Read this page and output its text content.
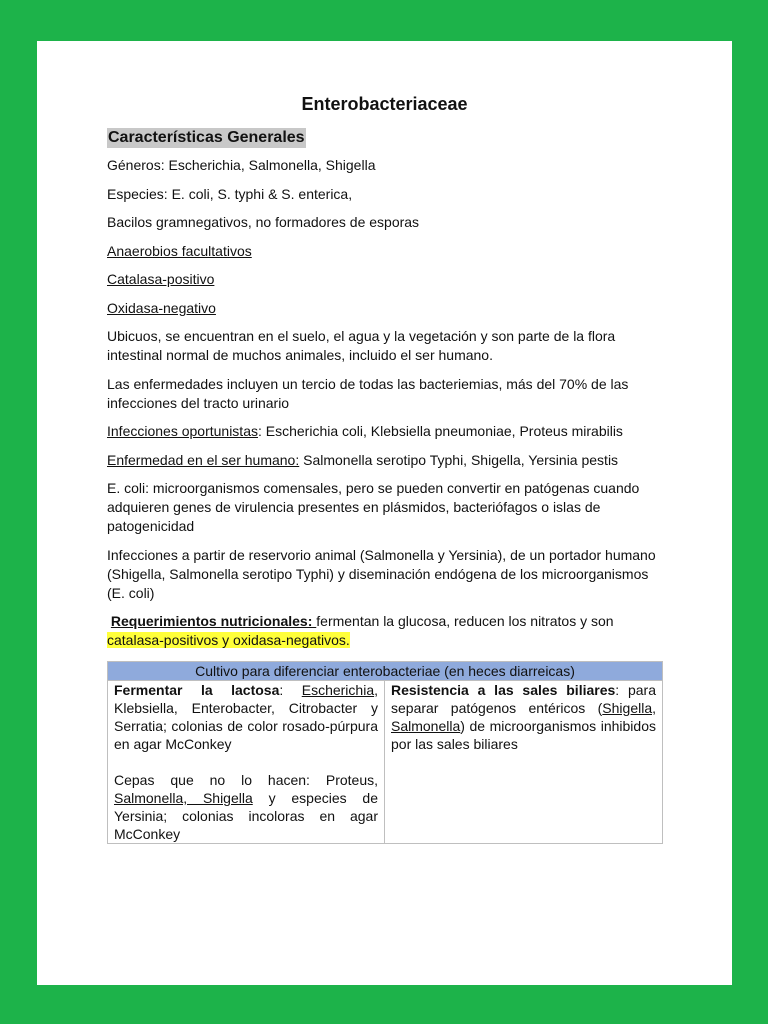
Enterobacteriaceae
Características Generales

Géneros: Escherichia, Salmonella, Shigella

Especies: E. coli, S. typhi & S. enterica,

Bacilos gramnegativos, no formadores de esporas

Anaerobios facultativos

Catalasa-positivo

Oxidasa-negativo

Ubicuos, se encuentran en el suelo, el agua y la vegetación y son parte de la flora intestinal normal de muchos animales, incluido el ser humano.

Las enfermedades incluyen un tercio de todas las bacteriemias, más del 70% de las infecciones del tracto urinario

Infecciones oportunistas: Escherichia coli, Klebsiella pneumoniae, Proteus mirabilis

Enfermedad en el ser humano: Salmonella serotipo Typhi, Shigella, Yersinia pestis

E. coli: microorganismos comensales, pero se pueden convertir en patógenas cuando adquieren genes de virulencia presentes en plásmidos, bacteriófagos o islas de patogenicidad

Infecciones a partir de reservorio animal (Salmonella y Yersinia), de un portador humano (Shigella, Salmonella serotipo Typhi) y diseminación endógena de los microorganismos (E. coli)

Requerimientos nutricionales: fermentan la glucosa, reducen los nitratos y son catalasa-positivos y oxidasa-negativos.

Cultivo para diferenciar enterobacteriae (en heces diarreicas)
Fermentar la lactosa: Escherichia, Klebsiella, Enterobacter, Citrobacter y Serratia; colonias de color rosado-púrpura en agar McConkey
Cepas que no lo hacen: Proteus, Salmonella, Shigella y especies de Yersinia; colonias incoloras en agar McConkey	Resistencia a las sales biliares: para separar patógenos entéricos (Shigella, Salmonella) de microorganismos inhibidos por las sales biliares
